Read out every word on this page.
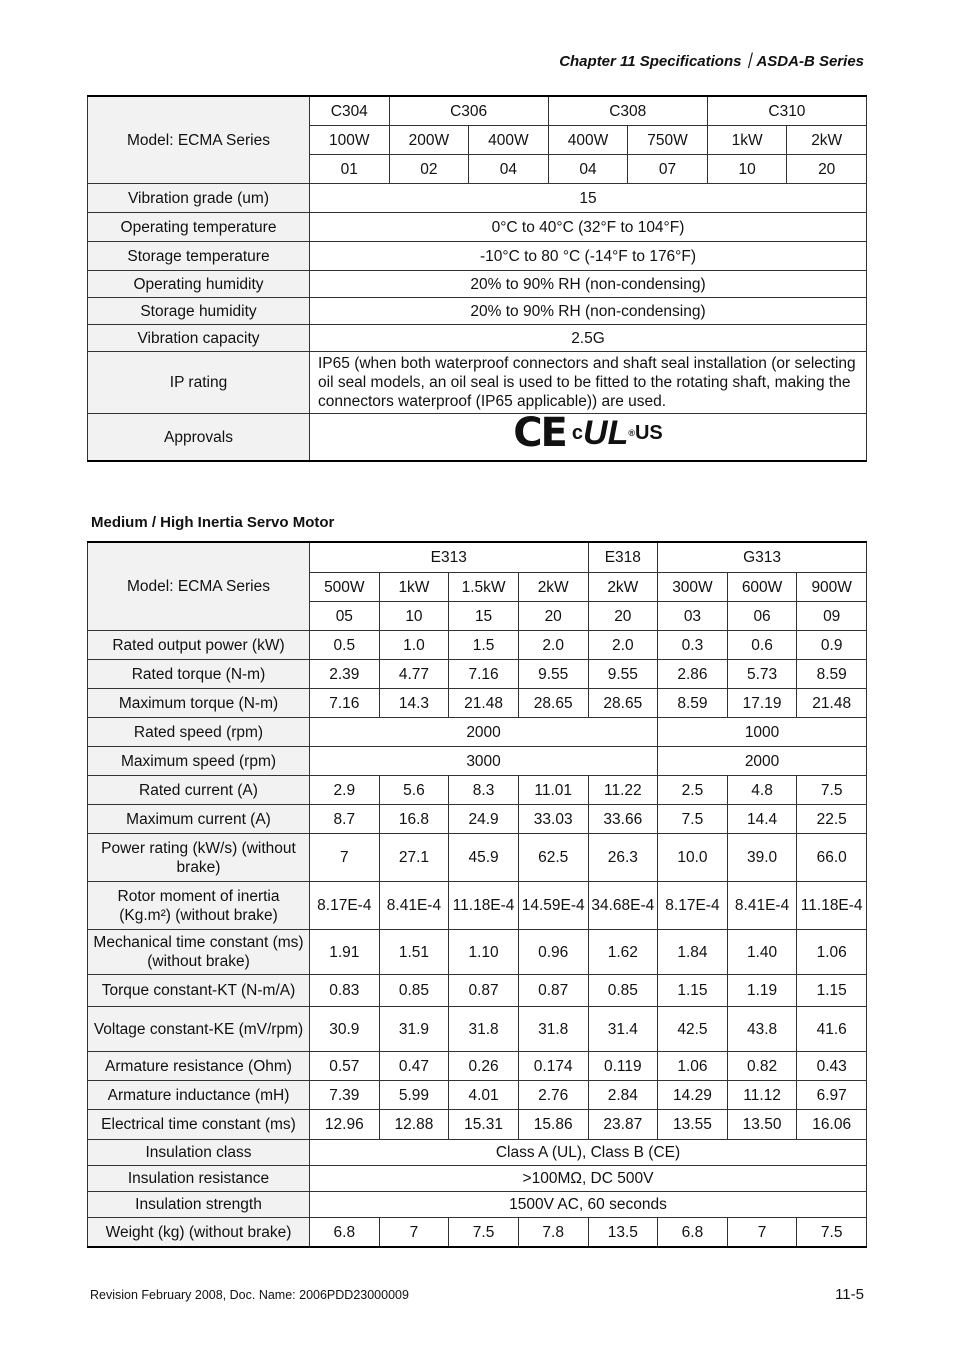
Chapter 11 Specifications｜ASDA-B Series
Model: ECMA Series	C304	C306		C308		C310	
	100W	200W	400W	400W	750W	1kW	2kW
	01	02	04	04	07	10	20
Vibration grade (um)	15						
Operating temperature	0°C to 40°C (32°F to 104°F)						
Storage temperature	-10°C to 80 °C (-14°F to 176°F)						
Operating humidity	20% to 90% RH (non-condensing)						
Storage humidity	20% to 90% RH (non-condensing)						
Vibration capacity	2.5G						
IP rating	IP65 (when both waterproof connectors and shaft seal installation (or selecting oil seal models, an oil seal is used to be fitted to the rotating shaft, making the connectors waterproof (IP65 applicable)) are used.						
Approvals	CE c UL ® US						
Medium / High Inertia Servo Motor
Model: ECMA Series	E313				E318	G313		
	500W	1kW	1.5kW	2kW	2kW	300W	600W	900W
	05	10	15	20	20	03	06	09
Rated output power (kW)	0.5	1.0	1.5	2.0	2.0	0.3	0.6	0.9
Rated torque (N-m)	2.39	4.77	7.16	9.55	9.55	2.86	5.73	8.59
Maximum torque (N-m)	7.16	14.3	21.48	28.65	28.65	8.59	17.19	21.48
Rated speed (rpm)	2000					1000		
Maximum speed (rpm)	3000					2000		
Rated current (A)	2.9	5.6	8.3	11.01	11.22	2.5	4.8	7.5
Maximum current (A)	8.7	16.8	24.9	33.03	33.66	7.5	14.4	22.5
Power rating (kW/s) (without brake)	7	27.1	45.9	62.5	26.3	10.0	39.0	66.0
Rotor moment of inertia (Kg.m²) (without brake)	8.17E-4	8.41E-4	11.18E-4	14.59E-4	34.68E-4	8.17E-4	8.41E-4	11.18E-4
Mechanical time constant (ms) (without brake)	1.91	1.51	1.10	0.96	1.62	1.84	1.40	1.06
Torque constant-KT (N-m/A)	0.83	0.85	0.87	0.87	0.85	1.15	1.19	1.15
Voltage constant-KE (mV/rpm)	30.9	31.9	31.8	31.8	31.4	42.5	43.8	41.6
Armature resistance (Ohm)	0.57	0.47	0.26	0.174	0.119	1.06	0.82	0.43
Armature inductance (mH)	7.39	5.99	4.01	2.76	2.84	14.29	11.12	6.97
Electrical time constant (ms)	12.96	12.88	15.31	15.86	23.87	13.55	13.50	16.06
Insulation class	Class A (UL), Class B (CE)							
Insulation resistance	>100MΩ, DC 500V							
Insulation strength	1500V AC, 60 seconds							
Weight (kg) (without brake)	6.8	7	7.5	7.8	13.5	6.8	7	7.5
Revision February 2008, Doc. Name: 2006PDD23000009	11-5
